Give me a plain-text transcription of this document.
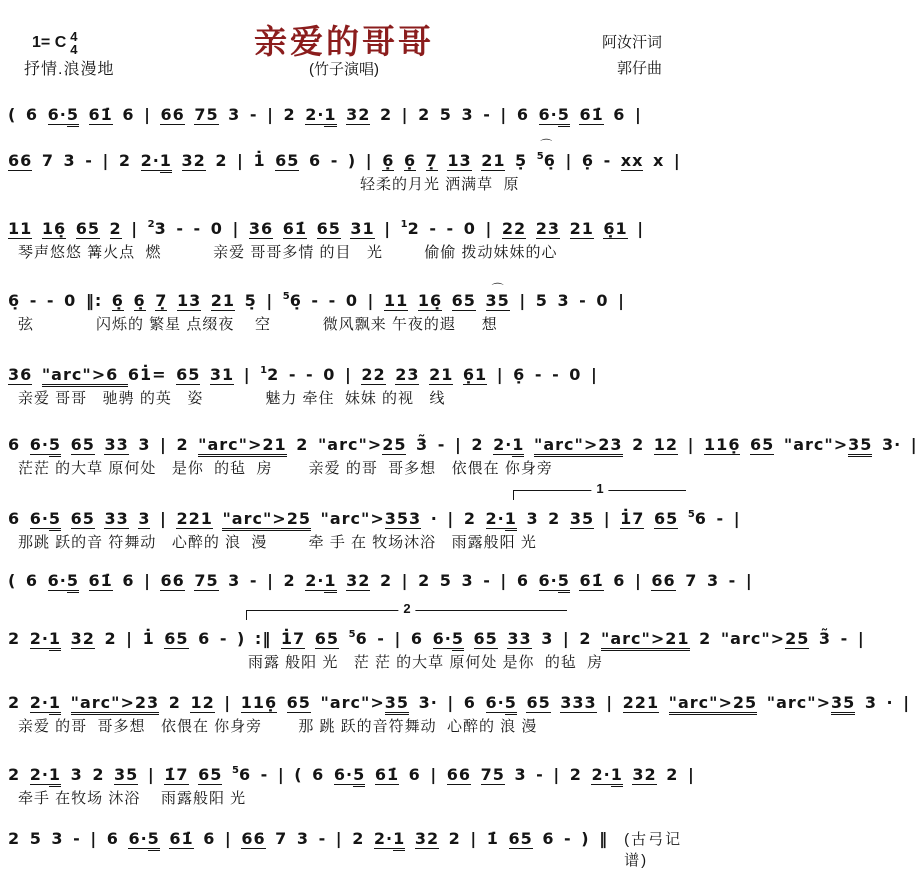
1= C 4
4
抒情.浪漫地
亲爱的哥哥
(竹子演唱)
阿汝汗词
郭仔曲
( 6 6·5 61̇ 6 | 66 75 3 - | 2 2·1 32 2 | 2 5 3 - | 6 6·5 61̇ 6 |
66 7 3 - | 2 2·1 32 2 | 1̇ 65 6 - ) | 6̣ 6̣ 7̣ 13 21 5̣ ⌒ $^5$6̣ | 6̣ - xx x |
轻柔的月光 洒满草  原
11 16̣ 65 2 | $^2$3 - - 0 | 36 61̇ 65 31 | $^1$2 - - 0 | 22 23 21 6̣1 |
琴声悠悠 篝火点  燃          亲爱 哥哥多情 的目   光        偷偷 拨动妹妹的心
6̣ - - 0 ‖: 6̣ 6̣ 7̣ 13 21 5̣ | $^5$6̣ - - 0 | 11 16̣ 65 ⌒ 35 | 5 3 - 0 |
弦            闪烁的 繁星 点缀夜    空          微风飘来 午夜的遐     想
36 "arc">6 61̇= 65 31 | $^1$2 - - 0 | 22 23 21 6̣1 | 6̣ - - 0 |
亲爱 哥哥   驰骋 的英   姿            魅力 牵住  妹妹 的视   线
6 6·5 65 33 3 | 2 "arc">21 2 "arc">25 3̃ - | 2 2·1 "arc">23 2 12 | 116̣ 65 "arc">35 3· |
茫茫 的大草 原何处   是你  的毡  房       亲爱 的哥  哥多想   依偎在 你身旁
1
6 6·5 65 33 3 | 221 "arc">25 "arc">353 · | 2 2·1 3 2 35 | 1̇7 65 $^5$6 - |
那跳 跃的音 符舞动   心醉的 浪  漫        牵 手 在 牧场沐浴   雨露般阳 光
( 6 6·5 61̇ 6 | 66 75 3 - | 2 2·1 32 2 | 2 5 3 - | 6 6·5 61̇ 6 | 66 7 3 - |
2
2 2·1 32 2 | 1̇ 65 6 - ) :‖ 1̇7 65 $^5$6 - | 6 6·5 65 33 3 | 2 "arc">21 2 "arc">25 3̃ - |
雨露 般阳 光   茫 茫 的大草 原何处 是你  的毡  房
2 2·1 "arc">23 2 12 | 116̣ 65 "arc">35 3· | 6 6·5 65 333 | 221 "arc">25 "arc">35 3 · |
亲爱 的哥  哥多想   依偎在 你身旁       那 跳 跃的音符舞动  心醉的 浪 漫
2 2·1 3 2 35 | 1̇7 65 $^5$6 - | ( 6 6·5 61̇ 6 | 66 75 3 - | 2 2·1 32 2 |
牵手 在牧场 沐浴    雨露般阳 光
2 5 3 - | 6 6·5 61̇ 6 | 66 7 3 - | 2 2·1 32 2 | 1̇ 65 6 - ) ‖ (古弓记谱)
